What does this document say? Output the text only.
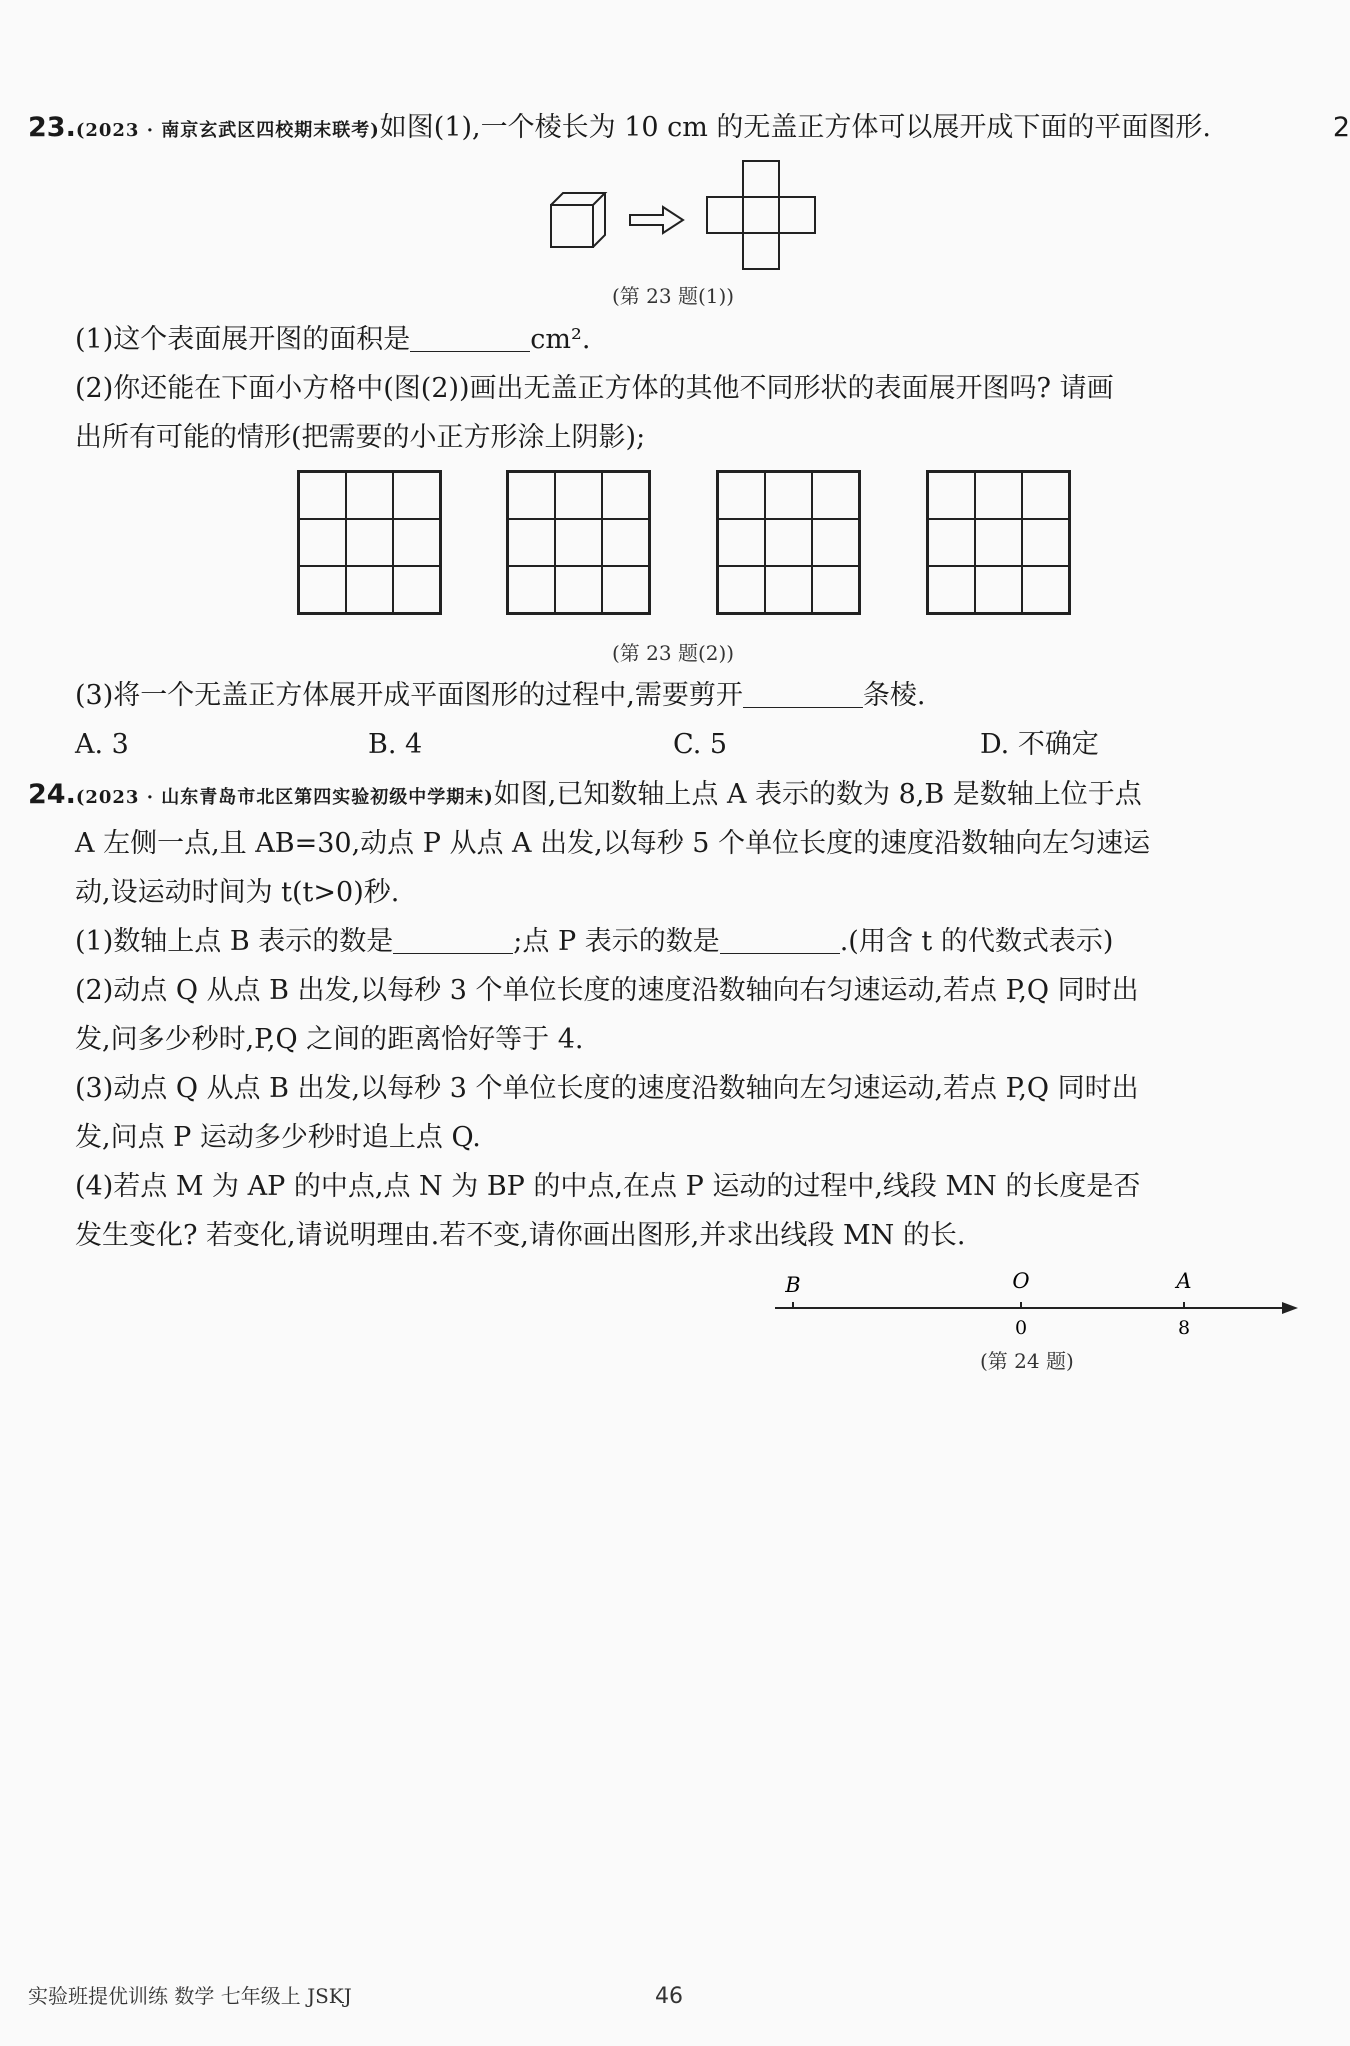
2
23.(2023 · 南京玄武区四校期末联考)如图(1),一个棱长为 10 cm 的无盖正方体可以展开成下面的平面图形.
(第 23 题(1))
(1)这个表面展开图的面积是	cm².
(2)你还能在下面小方格中(图(2))画出无盖正方体的其他不同形状的表面展开图吗? 请画
出所有可能的情形(把需要的小正方形涂上阴影);
(第 23 题(2))
(3)将一个无盖正方体展开成平面图形的过程中,需要剪开	条棱.
A. 3	B. 4	C. 5	D. 不确定
24.(2023 · 山东青岛市北区第四实验初级中学期末)如图,已知数轴上点 A 表示的数为 8,B 是数轴上位于点
A 左侧一点,且 AB=30,动点 P 从点 A 出发,以每秒 5 个单位长度的速度沿数轴向左匀速运
动,设运动时间为 t(t>0)秒.
(1)数轴上点 B 表示的数是	;点 P 表示的数是	.(用含 t 的代数式表示)
(2)动点 Q 从点 B 出发,以每秒 3 个单位长度的速度沿数轴向右匀速运动,若点 P,Q 同时出
发,问多少秒时,P,Q 之间的距离恰好等于 4.
(3)动点 Q 从点 B 出发,以每秒 3 个单位长度的速度沿数轴向左匀速运动,若点 P,Q 同时出
发,问点 P 运动多少秒时追上点 Q.
(4)若点 M 为 AP 的中点,点 N 为 BP 的中点,在点 P 运动的过程中,线段 MN 的长度是否
发生变化? 若变化,请说明理由.若不变,请你画出图形,并求出线段 MN 的长.
B	O	A
0	8
(第 24 题)
实验班提优训练 数学 七年级上 JSKJ	46
